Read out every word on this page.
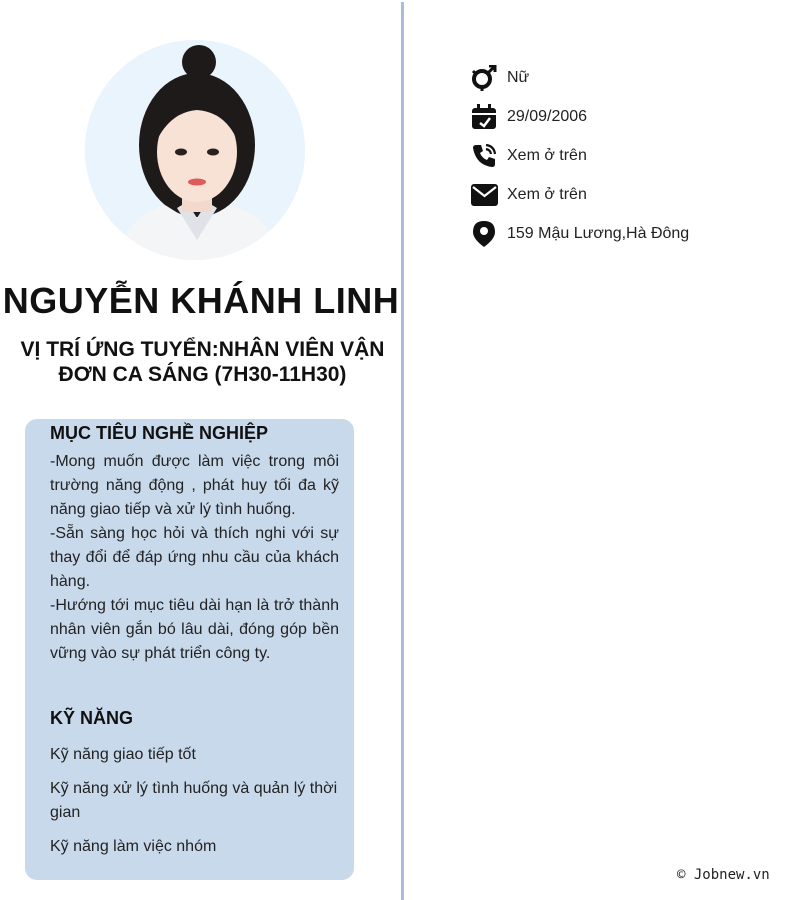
NGUYỄN KHÁNH LINH
VỊ TRÍ ỨNG TUYỂN:NHÂN VIÊN VẬN
ĐƠN CA SÁNG (7H30-11H30)
MỤC TIÊU NGHỀ NGHIỆP

-Mong muốn được làm việc trong môi trường năng động , phát huy tối đa kỹ năng giao tiếp và xử lý tình huống.

-Sẵn sàng học hỏi và thích nghi với sự thay đổi để đáp ứng nhu cầu của khách hàng.

-Hướng tới mục tiêu dài hạn là trở thành nhân viên gắn bó lâu dài, đóng góp bền vững vào sự phát triển công ty.

KỸ NĂNG
Kỹ năng giao tiếp tốt
Kỹ năng xử lý tình huống và quản lý thời gian
Kỹ năng làm việc nhóm
Nữ
29/09/2006
Xem ở trên
Xem ở trên
159 Mậu Lương,Hà Đông
© Jobnew.vn
